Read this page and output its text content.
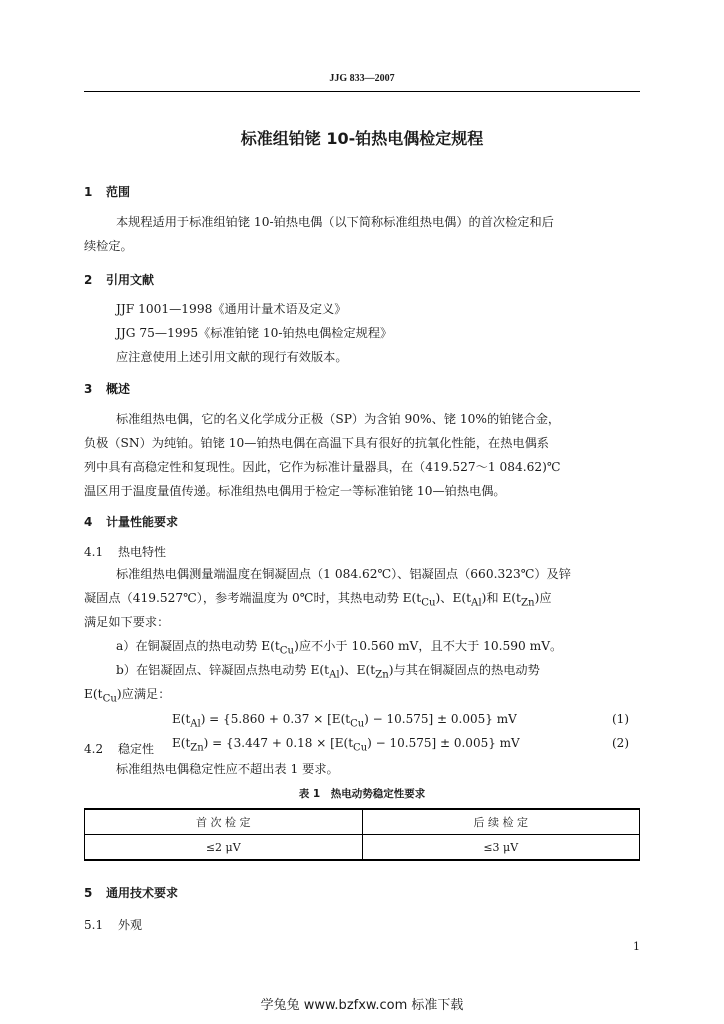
JJG 833—2007
标准组铂铑 10-铂热电偶检定规程
1 范围
本规程适用于标准组铂铑 10-铂热电偶（以下简称标准组热电偶）的首次检定和后
续检定。
2 引用文献
JJF 1001—1998《通用计量术语及定义》
JJG 75—1995《标准铂铑 10-铂热电偶检定规程》
应注意使用上述引用文献的现行有效版本。
3 概述
标准组热电偶，它的名义化学成分正极（SP）为含铂 90%、铑 10%的铂铑合金，
负极（SN）为纯铂。铂铑 10—铂热电偶在高温下具有很好的抗氧化性能，在热电偶系
列中具有高稳定性和复现性。因此，它作为标准计量器具，在（419.527～1 084.62)℃
温区用于温度量值传递。标准组热电偶用于检定一等标准铂铑 10—铂热电偶。
4 计量性能要求
4.1 热电特性
标准组热电偶测量端温度在铜凝固点（1 084.62℃）、铝凝固点（660.323℃）及锌
凝固点（419.527℃），参考端温度为 0℃时，其热电动势 $E(t_{Cu})$、$E(t_{Al})$和 $E(t_{Zn})$应
满足如下要求：
a）在铜凝固点的热电动势 $E(t_{Cu})$应不小于 10.560 mV，且不大于 10.590 mV。
b）在铝凝固点、锌凝固点热电动势 $E(t_{Al})$、$E(t_{Zn})$与其在铜凝固点的热电动势
$E(t_{Cu})$应满足：
$E(t_{Al}) = \{5.860 + 0.37 \times [E(t_{Cu}) - 10.575] \pm 0.005\}$ mV	(1)
$E(t_{Zn}) = \{3.447 + 0.18 \times [E(t_{Cu}) - 10.575] \pm 0.005\}$ mV	(2)
4.2 稳定性
标准组热电偶稳定性应不超出表 1 要求。
表 1　热电动势稳定性要求
首 次 检 定	后 续 检 定
≤2 μV	≤3 μV
5 通用技术要求
5.1 外观
1
学兔兔 www.bzfxw.com 标准下载
